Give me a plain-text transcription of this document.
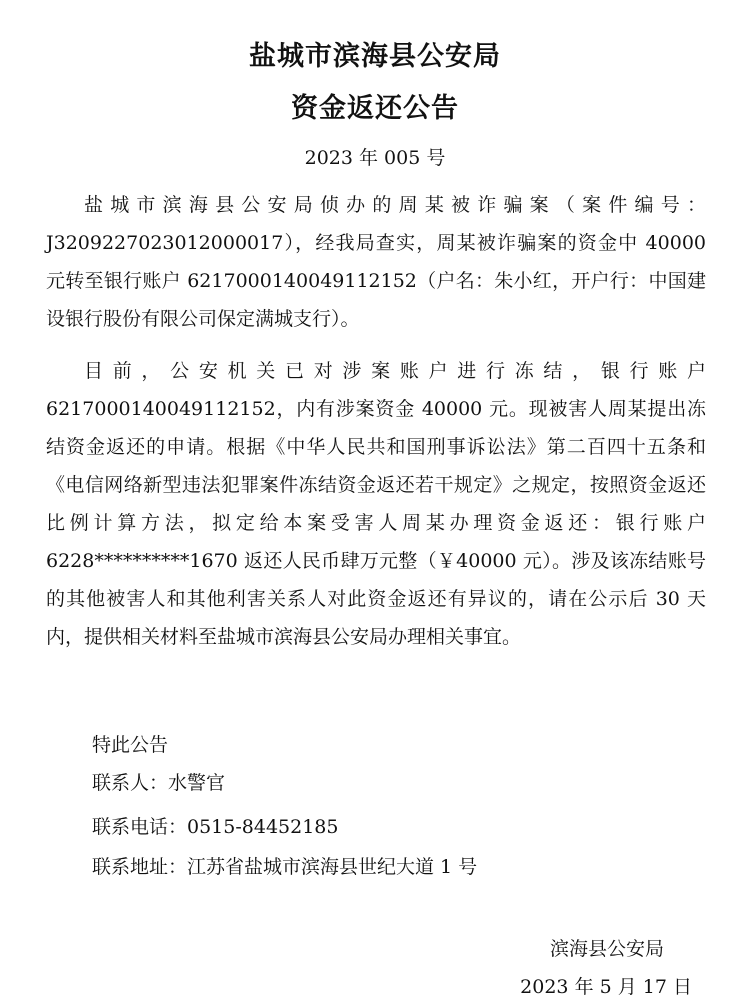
盐城市滨海县公安局
资金返还公告
2023 年 005 号

盐城市滨海县公安局侦办的周某被诈骗案（案件编号：J3209227023012000017），经我局查实，周某被诈骗案的资金中 40000 元转至银行账户 6217000140049112152（户名：朱小红，开户行：中国建设银行股份有限公司保定满城支行）。

目前，公安机关已对涉案账户进行冻结，银行账户 6217000140049112152，内有涉案资金 40000 元。现被害人周某提出冻结资金返还的申请。根据《中华人民共和国刑事诉讼法》第二百四十五条和《电信网络新型违法犯罪案件冻结资金返还若干规定》之规定，按照资金返还比例计算方法，拟定给本案受害人周某办理资金返还：银行账户 6228**********1670 返还人民币肆万元整（￥40000 元）。涉及该冻结账号的其他被害人和其他利害关系人对此资金返还有异议的，请在公示后 30 天内，提供相关材料至盐城市滨海县公安局办理相关事宜。

特此公告
联系人：水警官
联系电话：0515-84452185
联系地址：江苏省盐城市滨海县世纪大道 1 号
滨海县公安局
2023 年 5 月 17 日
